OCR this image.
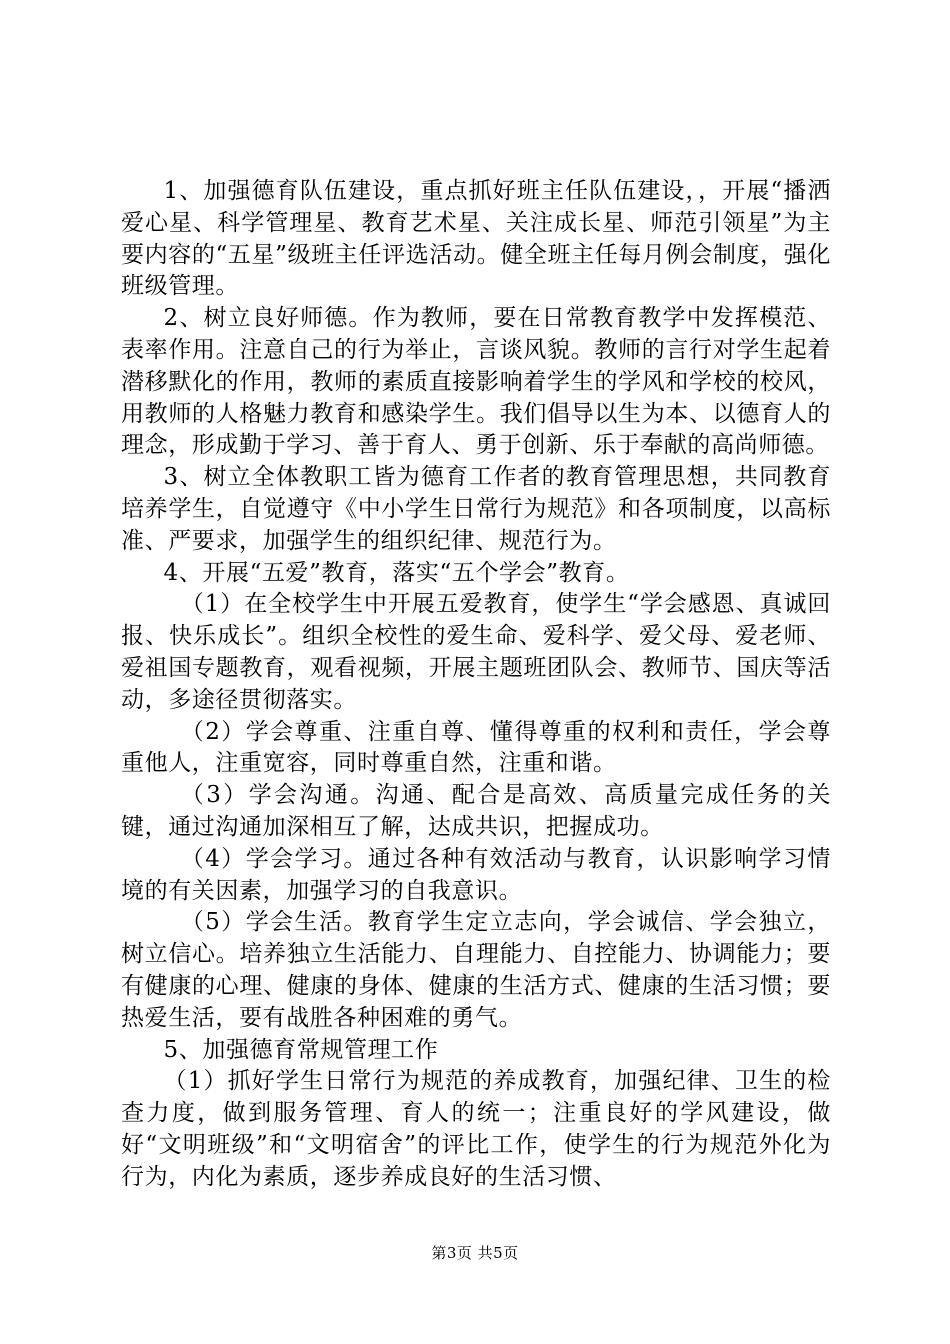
1、加强德育队伍建设，重点抓好班主任队伍建设，，开展“播洒爱心星、科学管理星、教育艺术星、关注成长星、师范引领星”为主要内容的“五星”级班主任评选活动。健全班主任每月例会制度，强化班级管理。

2、树立良好师德。作为教师，要在日常教育教学中发挥模范、表率作用。注意自己的行为举止，言谈风貌。教师的言行对学生起着潜移默化的作用，教师的素质直接影响着学生的学风和学校的校风，用教师的人格魅力教育和感染学生。我们倡导以生为本、以德育人的理念，形成勤于学习、善于育人、勇于创新、乐于奉献的高尚师德。

3、树立全体教职工皆为德育工作者的教育管理思想，共同教育培养学生，自觉遵守《中小学生日常行为规范》和各项制度，以高标准、严要求，加强学生的组织纪律、规范行为。

4、开展“五爱”教育，落实“五个学会”教育。

（1）在全校学生中开展五爱教育，使学生“学会感恩、真诚回报、快乐成长”。组织全校性的爱生命、爱科学、爱父母、爱老师、爱祖国专题教育，观看视频，开展主题班团队会、教师节、国庆等活动，多途径贯彻落实。

（2）学会尊重、注重自尊、懂得尊重的权利和责任，学会尊重他人，注重宽容，同时尊重自然，注重和谐。

（3）学会沟通。沟通、配合是高效、高质量完成任务的关键，通过沟通加深相互了解，达成共识，把握成功。

（4）学会学习。通过各种有效活动与教育，认识影响学习情境的有关因素，加强学习的自我意识。

（5）学会生活。教育学生定立志向，学会诚信、学会独立，树立信心。培养独立生活能力、自理能力、自控能力、协调能力；要有健康的心理、健康的身体、健康的生活方式、健康的生活习惯；要热爱生活，要有战胜各种困难的勇气。

5、加强德育常规管理工作

（1）抓好学生日常行为规范的养成教育，加强纪律、卫生的检查力度，做到服务管理、育人的统一；注重良好的学风建设，做好“文明班级”和“文明宿舍”的评比工作，使学生的行为规范外化为行为，内化为素质，逐步养成良好的生活习惯、

第3页 共5页
